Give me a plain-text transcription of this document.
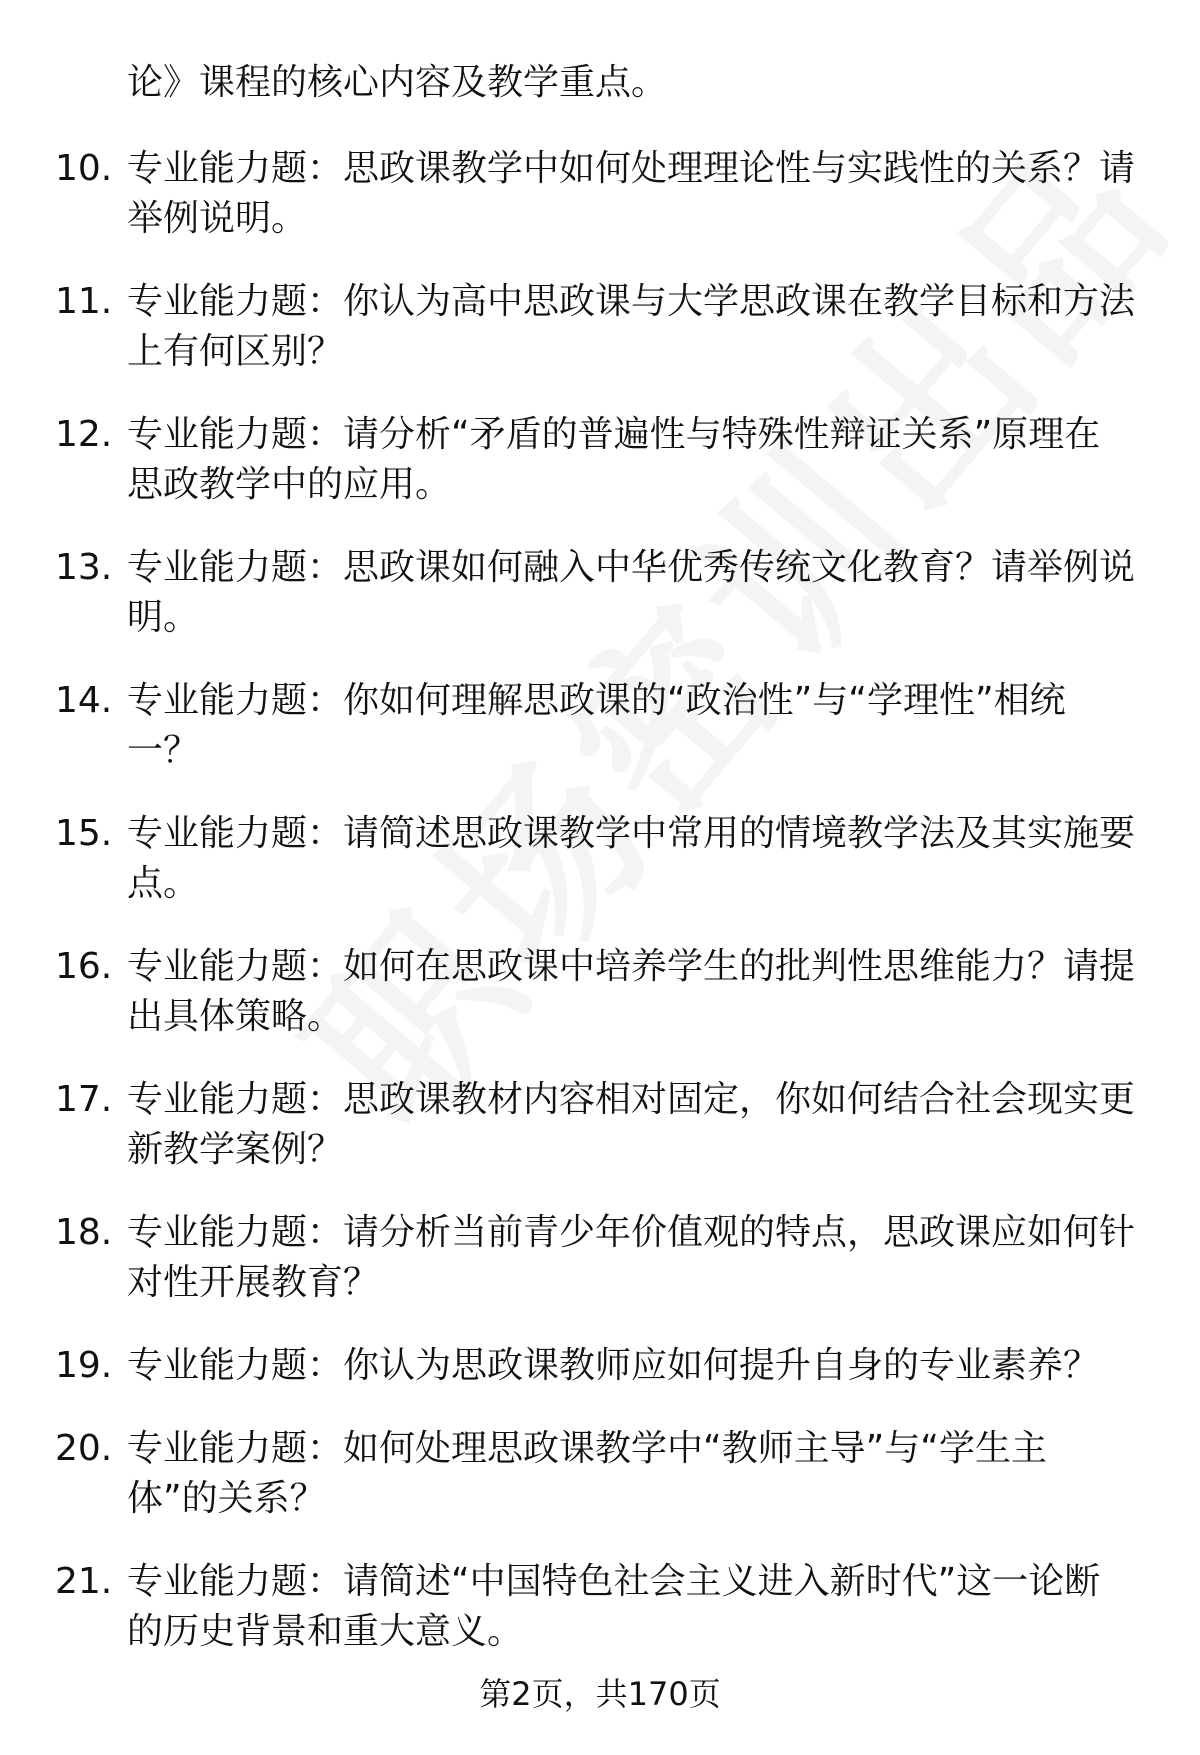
论》课程的核心内容及教学重点。
10. 专业能力题：思政课教学中如何处理理论性与实践性的关系？请举例说明。
11. 专业能力题：你认为高中思政课与大学思政课在教学目标和方法上有何区别？
12. 专业能力题：请分析“矛盾的普遍性与特殊性辩证关系”原理在思政教学中的应用。
13. 专业能力题：思政课如何融入中华优秀传统文化教育？请举例说明。
14. 专业能力题：你如何理解思政课的“政治性”与“学理性”相统一？
15. 专业能力题：请简述思政课教学中常用的情境教学法及其实施要点。
16. 专业能力题：如何在思政课中培养学生的批判性思维能力？请提出具体策略。
17. 专业能力题：思政课教材内容相对固定，你如何结合社会现实更新教学案例？
18. 专业能力题：请分析当前青少年价值观的特点，思政课应如何针对性开展教育？
19. 专业能力题：你认为思政课教师应如何提升自身的专业素养？
20. 专业能力题：如何处理思政课教学中“教师主导”与“学生主体”的关系？
21. 专业能力题：请简述“中国特色社会主义进入新时代”这一论断的历史背景和重大意义。
第2页，共170页
